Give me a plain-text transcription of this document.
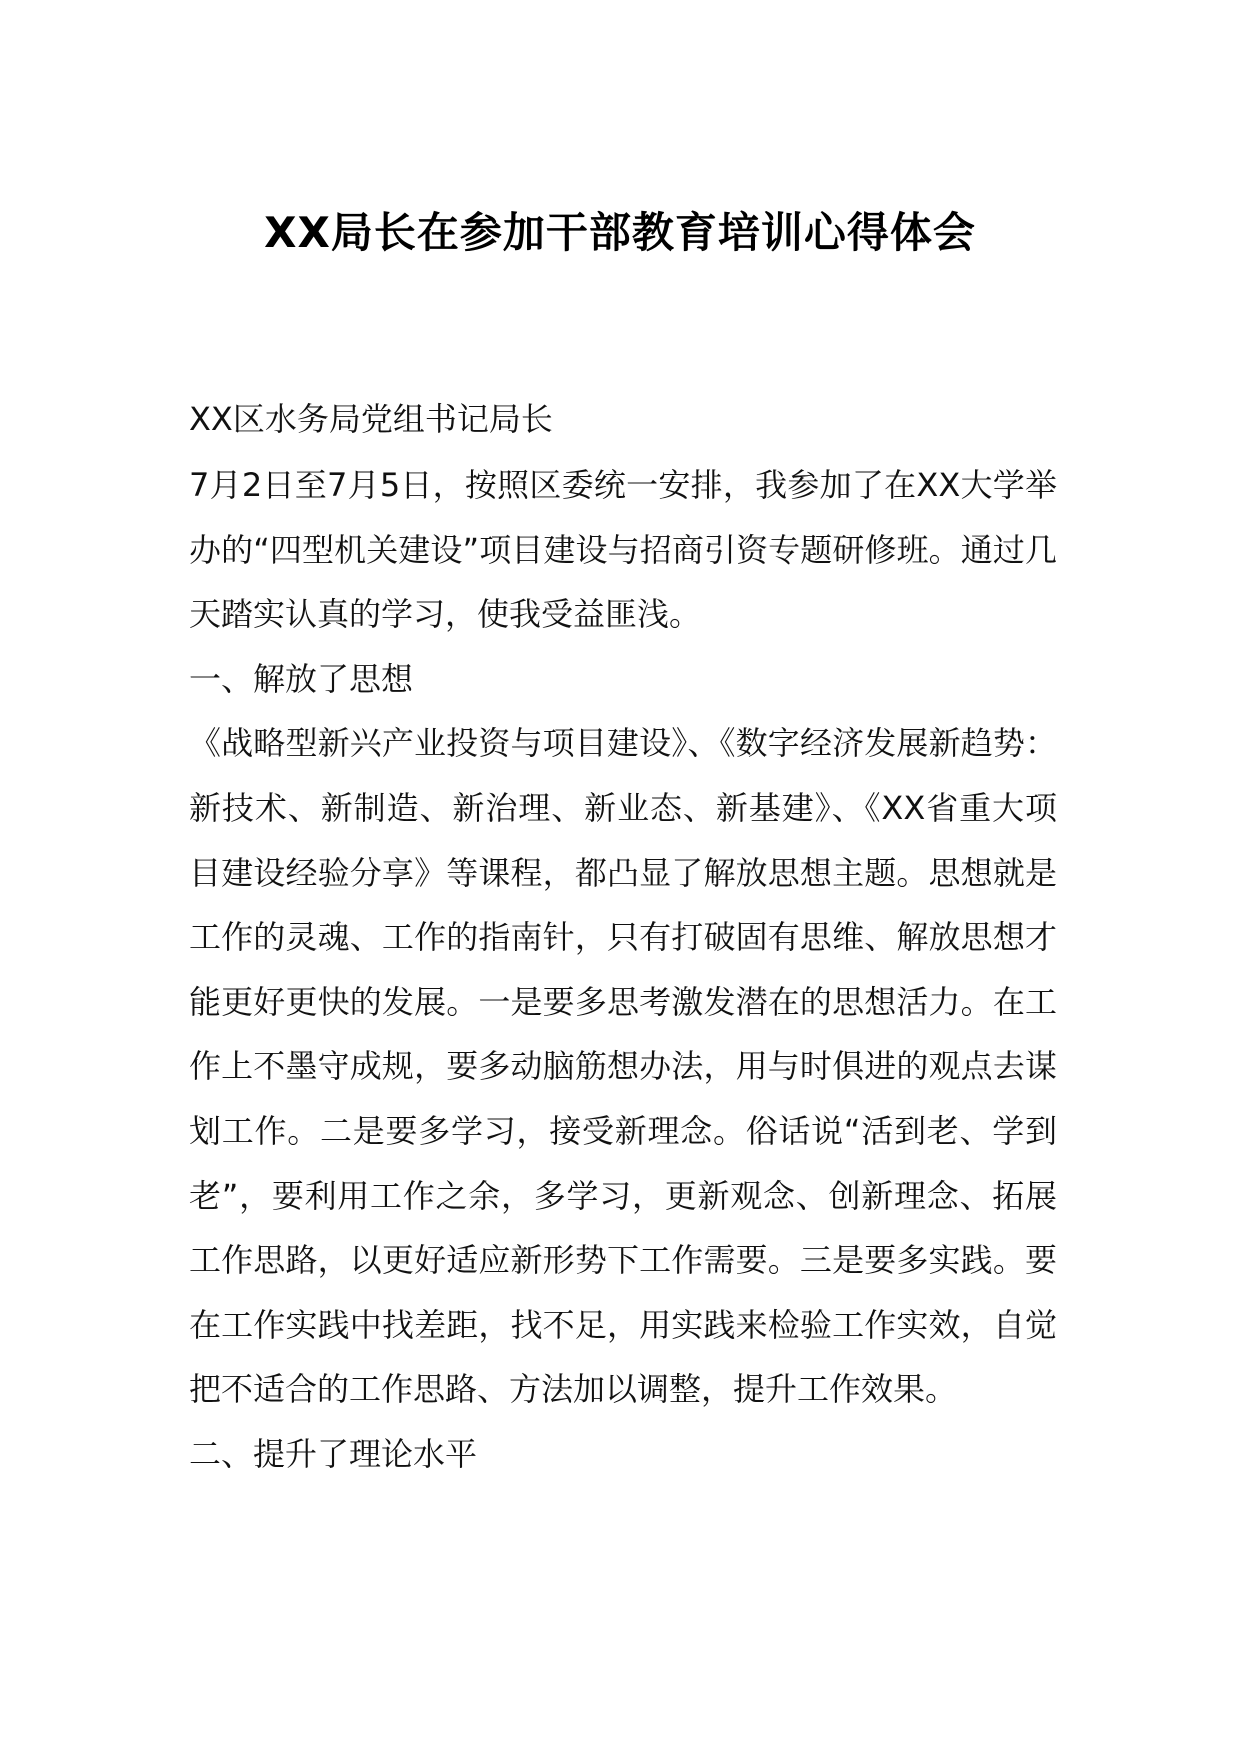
XX局长在参加干部教育培训心得体会
XX区水务局党组书记局长

7月2日至7月5日，按照区委统一安排，我参加了在XX大学举办的“四型机关建设”项目建设与招商引资专题研修班。通过几天踏实认真的学习，使我受益匪浅。

一、解放了思想

《战略型新兴产业投资与项目建设》、《数字经济发展新趋势：新技术、新制造、新治理、新业态、新基建》、《XX省重大项目建设经验分享》等课程，都凸显了解放思想主题。思想就是工作的灵魂、工作的指南针，只有打破固有思维、解放思想才能更好更快的发展。一是要多思考激发潜在的思想活力。在工作上不墨守成规，要多动脑筋想办法，用与时俱进的观点去谋划工作。二是要多学习，接受新理念。俗话说“活到老、学到老”，要利用工作之余，多学习，更新观念、创新理念、拓展工作思路，以更好适应新形势下工作需要。三是要多实践。要在工作实践中找差距，找不足，用实践来检验工作实效，自觉把不适合的工作思路、方法加以调整，提升工作效果。

二、提升了理论水平
